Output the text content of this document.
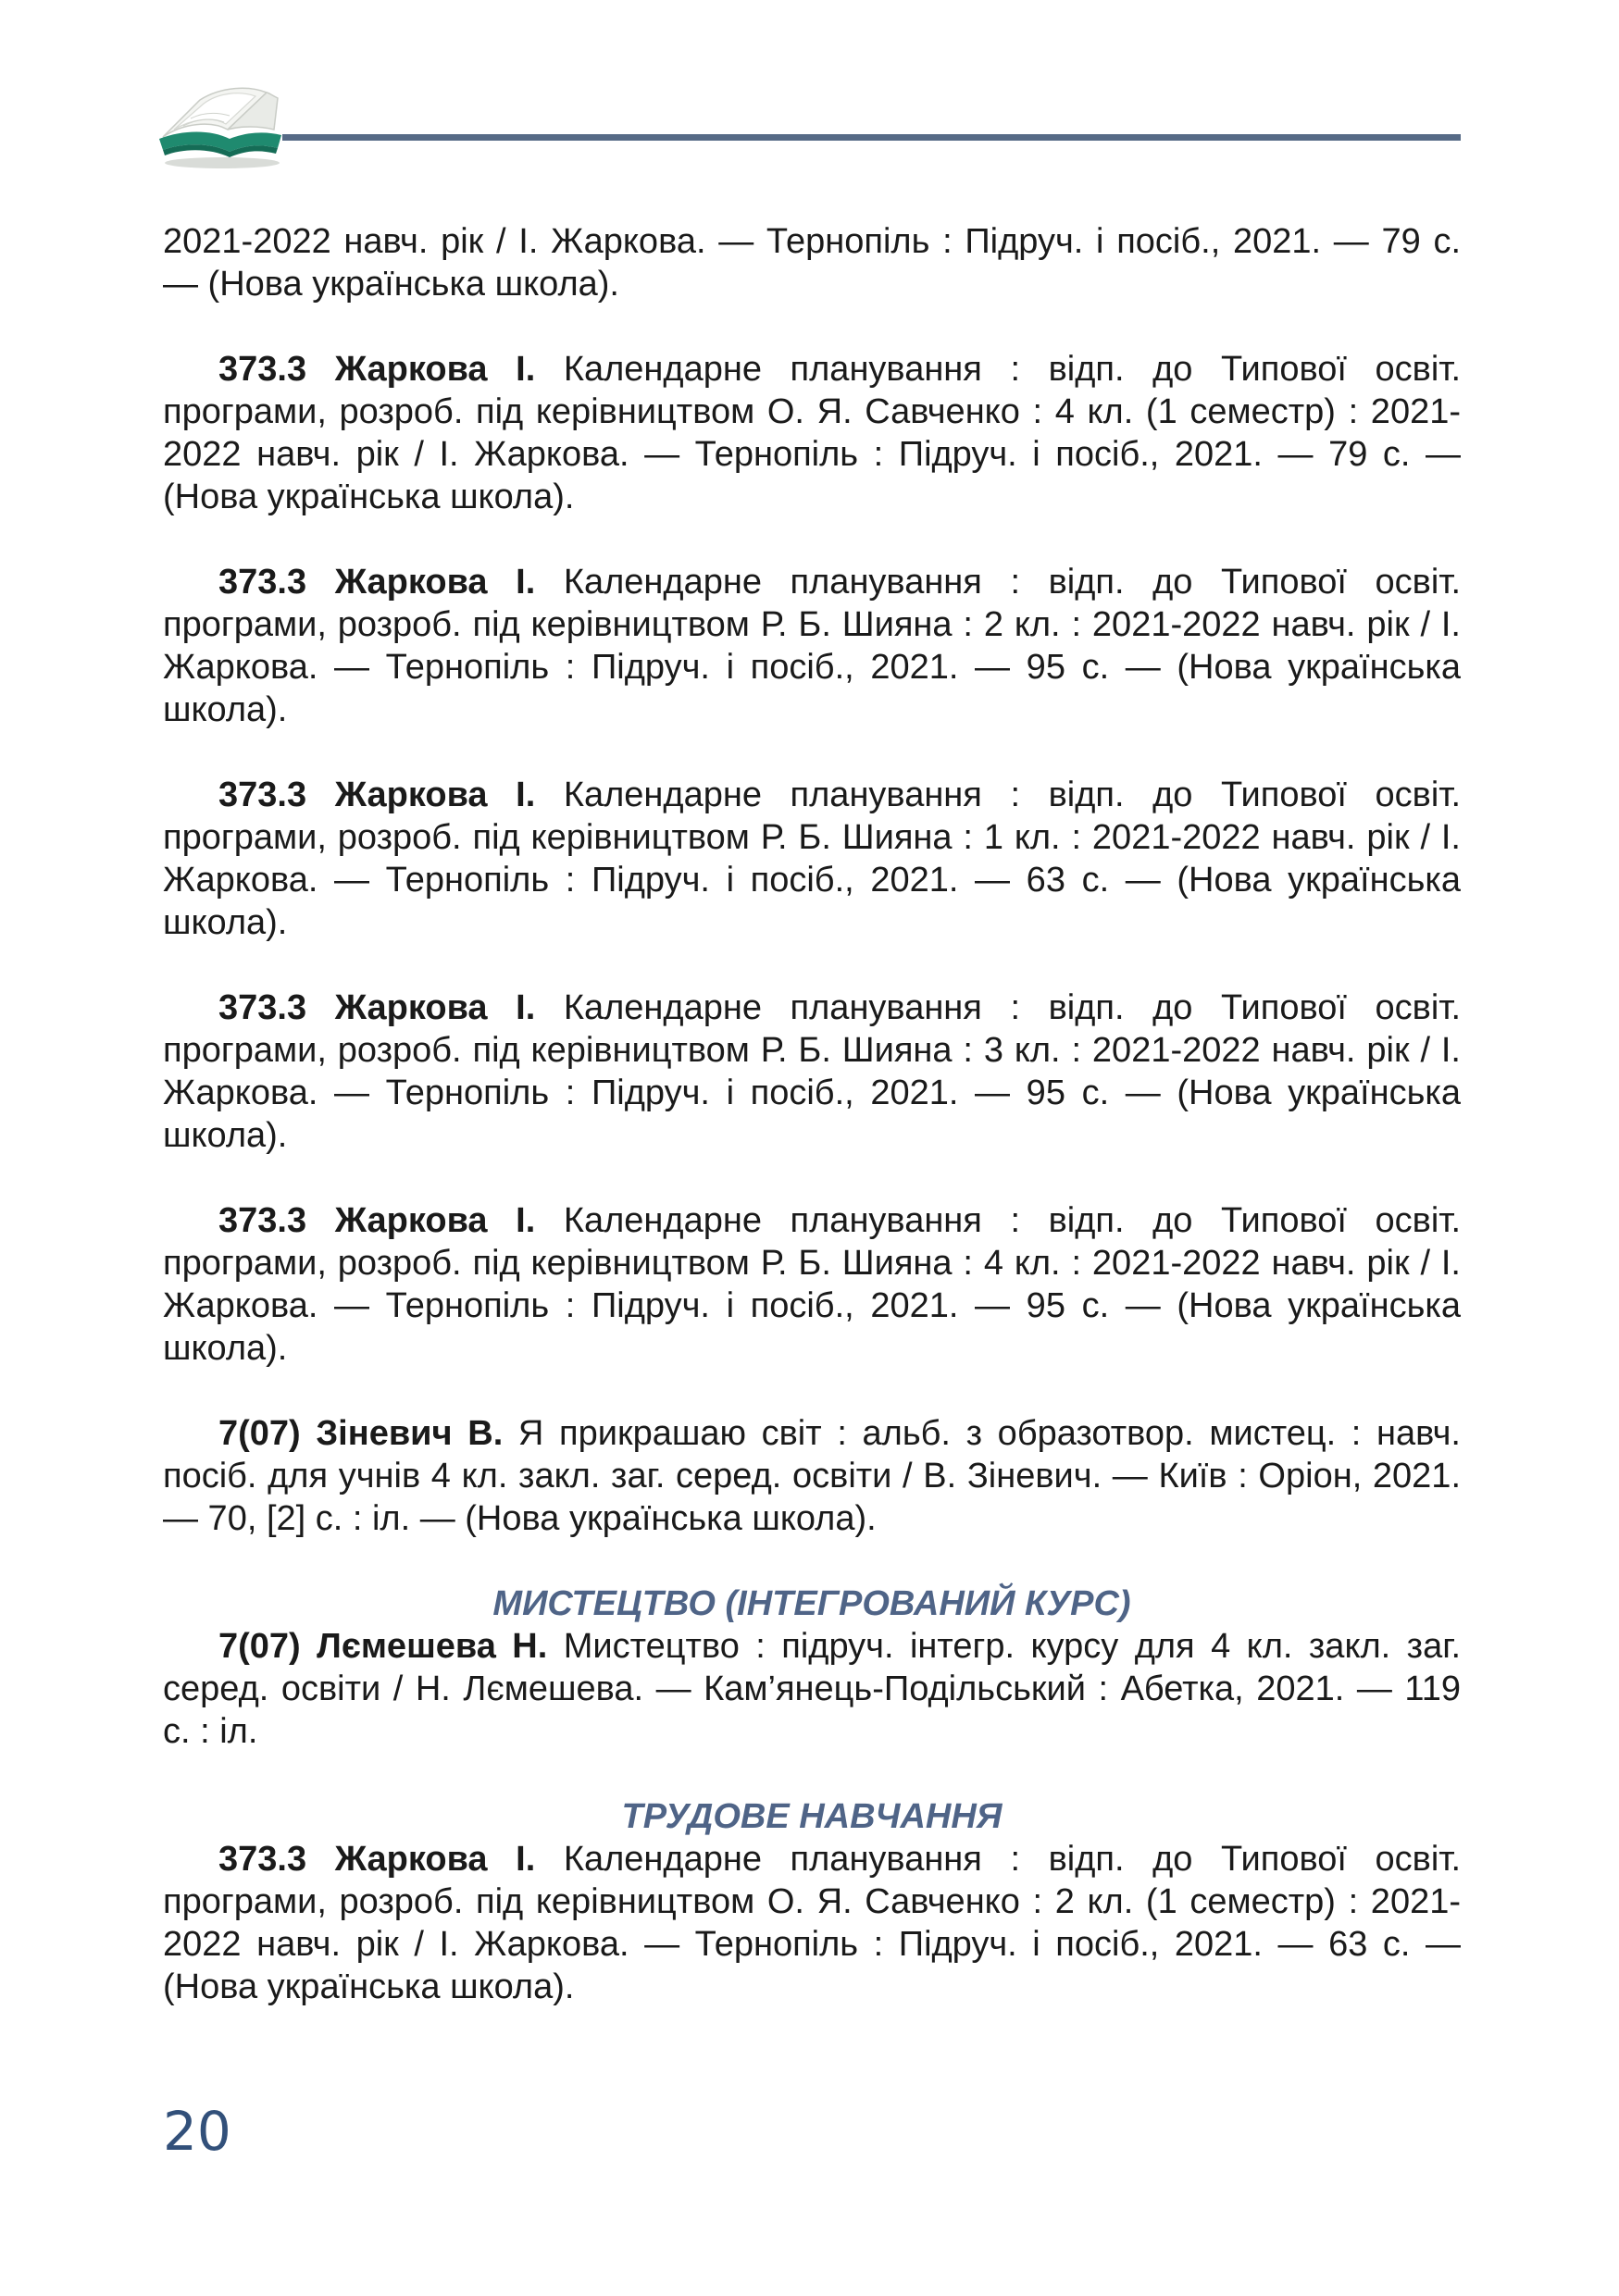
2021-2022 навч. рік / І. Жаркова. — Тернопіль : Підруч. і посіб., 2021. — 79 с. — (Нова українська школа).

373.3 Жаркова І. Календарне планування : відп. до Типової освіт. програми, розроб. під керівництвом О. Я. Савченко : 4 кл. (1 семестр) : 2021-2022 навч. рік / І. Жаркова. — Тернопіль : Підруч. і посіб., 2021. — 79 с. — (Нова українська школа).

373.3 Жаркова І. Календарне планування : відп. до Типової освіт. програми, розроб. під керівництвом Р. Б. Шияна : 2 кл. : 2021-2022 навч. рік / І. Жаркова. — Тернопіль : Підруч. і посіб., 2021. — 95 с. — (Нова українська школа).

373.3 Жаркова І. Календарне планування : відп. до Типової освіт. програми, розроб. під керівництвом Р. Б. Шияна : 1 кл. : 2021-2022 навч. рік / І. Жаркова. — Тернопіль : Підруч. і посіб., 2021. — 63 с. — (Нова українська школа).

373.3 Жаркова І. Календарне планування : відп. до Типової освіт. програми, розроб. під керівництвом Р. Б. Шияна : 3 кл. : 2021-2022 навч. рік / І. Жаркова. — Тернопіль : Підруч. і посіб., 2021. — 95 с. — (Нова українська школа).

373.3 Жаркова І. Календарне планування : відп. до Типової освіт. програми, розроб. під керівництвом Р. Б. Шияна : 4 кл. : 2021-2022 навч. рік / І. Жаркова. — Тернопіль : Підруч. і посіб., 2021. — 95 с. — (Нова українська школа).

7(07) Зіневич В. Я прикрашаю світ : альб. з образотвор. мистец. : навч. посіб. для учнів 4 кл. закл. заг. серед. освіти / В. Зіневич. — Київ : Оріон, 2021. — 70, [2] с. : іл. — (Нова українська школа).

МИСТЕЦТВО (ІНТЕГРОВАНИЙ КУРС)

7(07) Лємешева Н. Мистецтво : підруч. інтегр. курсу для 4 кл. закл. заг. серед. освіти / Н. Лємешева. — Кам’янець-Подільський : Абетка, 2021. — 119 с. : іл.

ТРУДОВЕ НАВЧАННЯ

373.3 Жаркова І. Календарне планування : відп. до Типової освіт. програми, розроб. під керівництвом О. Я. Савченко : 2 кл. (1 семестр) : 2021-2022 навч. рік / І. Жаркова. — Тернопіль : Підруч. і посіб., 2021. — 63 с. — (Нова українська школа).

20
